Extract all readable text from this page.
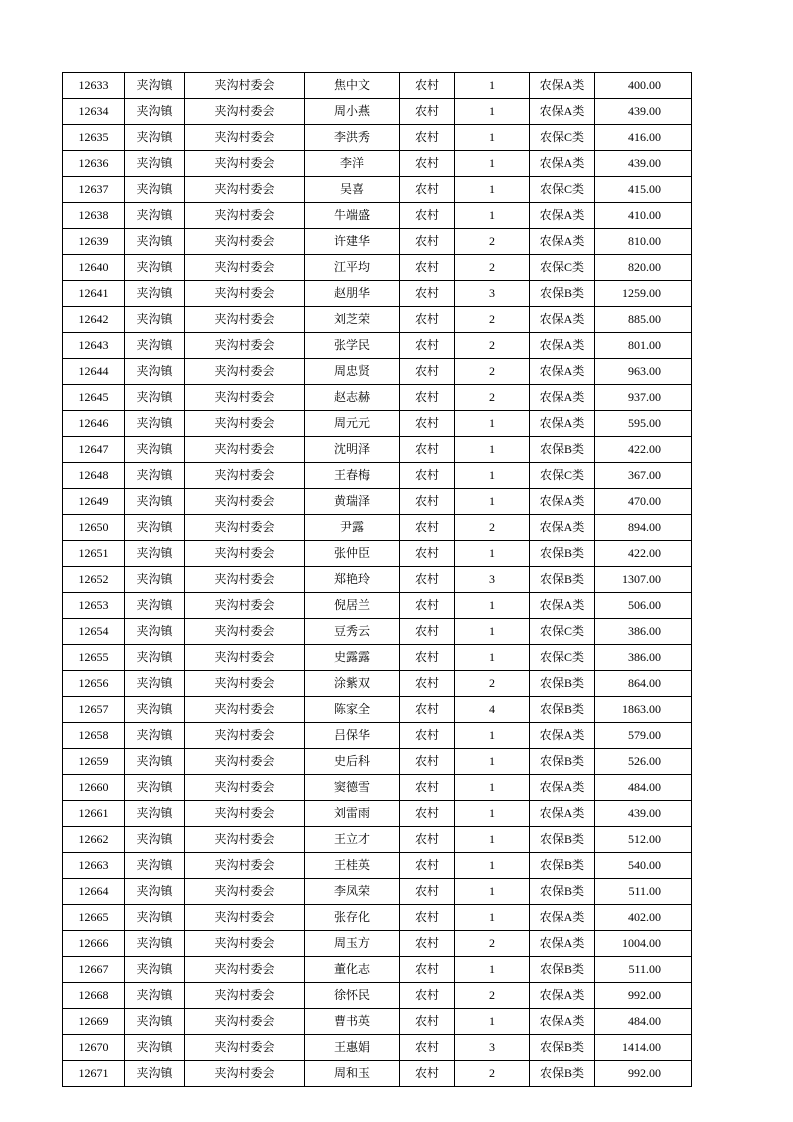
12633	夹沟镇	夹沟村委会	焦中文	农村	1	农保A类	400.00
12634	夹沟镇	夹沟村委会	周小燕	农村	1	农保A类	439.00
12635	夹沟镇	夹沟村委会	李洪秀	农村	1	农保C类	416.00
12636	夹沟镇	夹沟村委会	李洋	农村	1	农保A类	439.00
12637	夹沟镇	夹沟村委会	吴喜	农村	1	农保C类	415.00
12638	夹沟镇	夹沟村委会	牛端盛	农村	1	农保A类	410.00
12639	夹沟镇	夹沟村委会	许建华	农村	2	农保A类	810.00
12640	夹沟镇	夹沟村委会	江平均	农村	2	农保C类	820.00
12641	夹沟镇	夹沟村委会	赵朋华	农村	3	农保B类	1259.00
12642	夹沟镇	夹沟村委会	刘芝荣	农村	2	农保A类	885.00
12643	夹沟镇	夹沟村委会	张学民	农村	2	农保A类	801.00
12644	夹沟镇	夹沟村委会	周忠贤	农村	2	农保A类	963.00
12645	夹沟镇	夹沟村委会	赵志赫	农村	2	农保A类	937.00
12646	夹沟镇	夹沟村委会	周元元	农村	1	农保A类	595.00
12647	夹沟镇	夹沟村委会	沈明泽	农村	1	农保B类	422.00
12648	夹沟镇	夹沟村委会	王春梅	农村	1	农保C类	367.00
12649	夹沟镇	夹沟村委会	黄瑞泽	农村	1	农保A类	470.00
12650	夹沟镇	夹沟村委会	尹露	农村	2	农保A类	894.00
12651	夹沟镇	夹沟村委会	张仲臣	农村	1	农保B类	422.00
12652	夹沟镇	夹沟村委会	郑艳玲	农村	3	农保B类	1307.00
12653	夹沟镇	夹沟村委会	倪居兰	农村	1	农保A类	506.00
12654	夹沟镇	夹沟村委会	豆秀云	农村	1	农保C类	386.00
12655	夹沟镇	夹沟村委会	史露露	农村	1	农保C类	386.00
12656	夹沟镇	夹沟村委会	涂紫双	农村	2	农保B类	864.00
12657	夹沟镇	夹沟村委会	陈家全	农村	4	农保B类	1863.00
12658	夹沟镇	夹沟村委会	吕保华	农村	1	农保A类	579.00
12659	夹沟镇	夹沟村委会	史后科	农村	1	农保B类	526.00
12660	夹沟镇	夹沟村委会	窦德雪	农村	1	农保A类	484.00
12661	夹沟镇	夹沟村委会	刘雷雨	农村	1	农保A类	439.00
12662	夹沟镇	夹沟村委会	王立才	农村	1	农保B类	512.00
12663	夹沟镇	夹沟村委会	王桂英	农村	1	农保B类	540.00
12664	夹沟镇	夹沟村委会	李凤荣	农村	1	农保B类	511.00
12665	夹沟镇	夹沟村委会	张存化	农村	1	农保A类	402.00
12666	夹沟镇	夹沟村委会	周玉方	农村	2	农保A类	1004.00
12667	夹沟镇	夹沟村委会	董化志	农村	1	农保B类	511.00
12668	夹沟镇	夹沟村委会	徐怀民	农村	2	农保A类	992.00
12669	夹沟镇	夹沟村委会	曹书英	农村	1	农保A类	484.00
12670	夹沟镇	夹沟村委会	王惠娟	农村	3	农保B类	1414.00
12671	夹沟镇	夹沟村委会	周和玉	农村	2	农保B类	992.00
